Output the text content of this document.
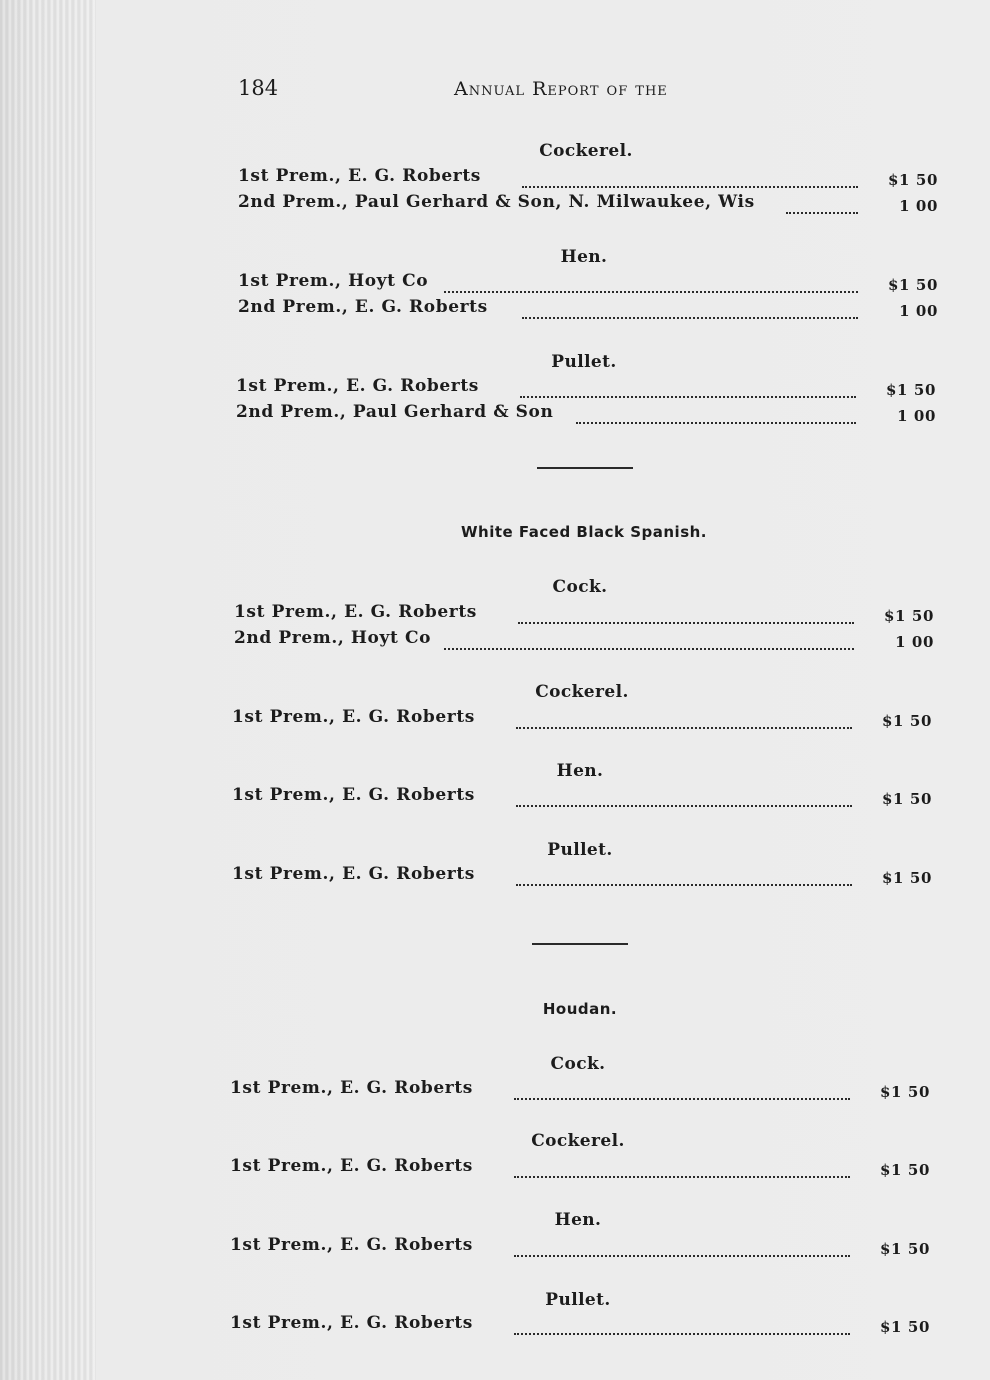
184	Annual Report of the
Cockerel.
1st Prem., E. G. Roberts	$1 50
2nd Prem., Paul Gerhard & Son, N. Milwaukee, Wis	1 00
Hen.
1st Prem., Hoyt Co	$1 50
2nd Prem., E. G. Roberts	1 00
Pullet.
1st Prem., E. G. Roberts	$1 50
2nd Prem., Paul Gerhard & Son	1 00
White Faced Black Spanish.
Cock.
1st Prem., E. G. Roberts	$1 50
2nd Prem., Hoyt Co	1 00
Cockerel.
1st Prem., E. G. Roberts	$1 50
Hen.
1st Prem., E. G. Roberts	$1 50
Pullet.
1st Prem., E. G. Roberts	$1 50
Houdan.
Cock.
1st Prem., E. G. Roberts	$1 50
Cockerel.
1st Prem., E. G. Roberts	$1 50
Hen.
1st Prem., E. G. Roberts	$1 50
Pullet.
1st Prem., E. G. Roberts	$1 50
